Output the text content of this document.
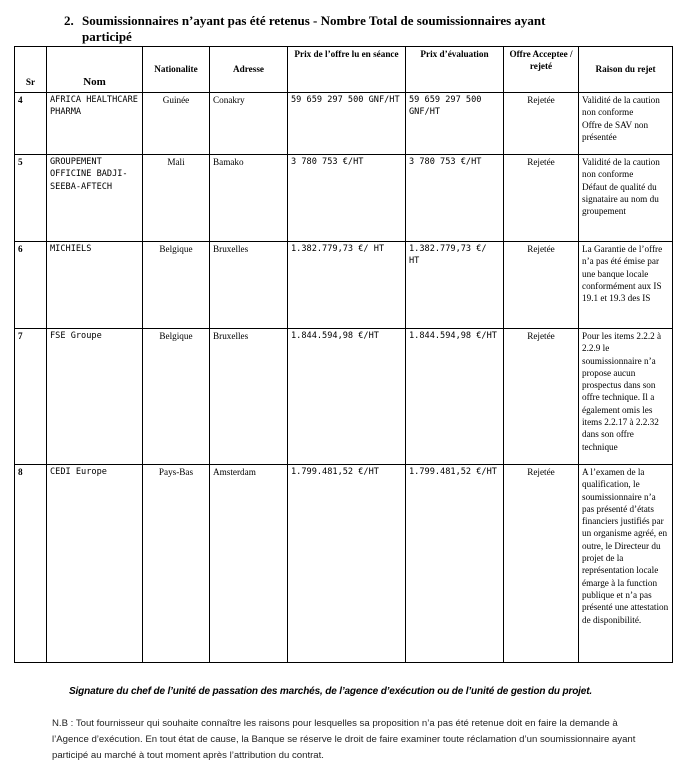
2. Soumissionnaires n’ayant pas été retenus - Nombre Total de soumissionnaires ayant
participé
Sr	Nom	Nationalite	Adresse	Prix de l’offre lu en séance	Prix d’évaluation	Offre Acceptee / rejeté	Raison du rejet
4	AFRICA HEALTHCARE PHARMA	Guinée	Conakry	59 659 297 500 GNF/HT	59 659 297 500 GNF/HT	Rejetée	Validité de la caution non conforme
Offre de SAV non présentée
5	GROUPEMENT OFFICINE BADJI-SEEBA-AFTECH	Mali	Bamako	3 780 753 €/HT	3 780 753 €/HT	Rejetée	Validité de la caution non conforme
Défaut de qualité du signataire au nom du groupement
6	MICHIELS	Belgique	Bruxelles	1.382.779,73 €/ HT	1.382.779,73 €/ HT	Rejetée	La Garantie de l’offre n’a pas été émise par une banque locale conformément aux IS 19.1 et 19.3 des IS
7	FSE Groupe	Belgique	Bruxelles	1.844.594,98 €/HT	1.844.594,98 €/HT	Rejetée	Pour les items 2.2.2 à 2.2.9 le soumissionnaire n’a propose aucun prospectus dans son offre technique. Il a également omis les items 2.2.17 à 2.2.32 dans son offre technique
8	CEDI Europe	Pays-Bas	Amsterdam	1.799.481,52 €/HT	1.799.481,52 €/HT	Rejetée	A l’examen de la qualification, le soumissionnaire n’a pas présenté d’états financiers justifiés par un organisme agréé, en outre, le Directeur du projet de la représentation locale émarge à la function publique et n’a pas présenté une attestation de disponibilité.
Signature du chef de l’unité de passation des marchés, de l’agence d’exécution ou de l’unité de gestion du projet.
N.B : Tout fournisseur qui souhaite connaître les raisons pour lesquelles sa proposition n’a pas été retenue doit en faire la demande à l’Agence d’exécution. En tout état de cause, la Banque se réserve le droit de faire examiner toute réclamation d’un soumissionnaire ayant participé au marché à tout moment après l’attribution du contrat.
